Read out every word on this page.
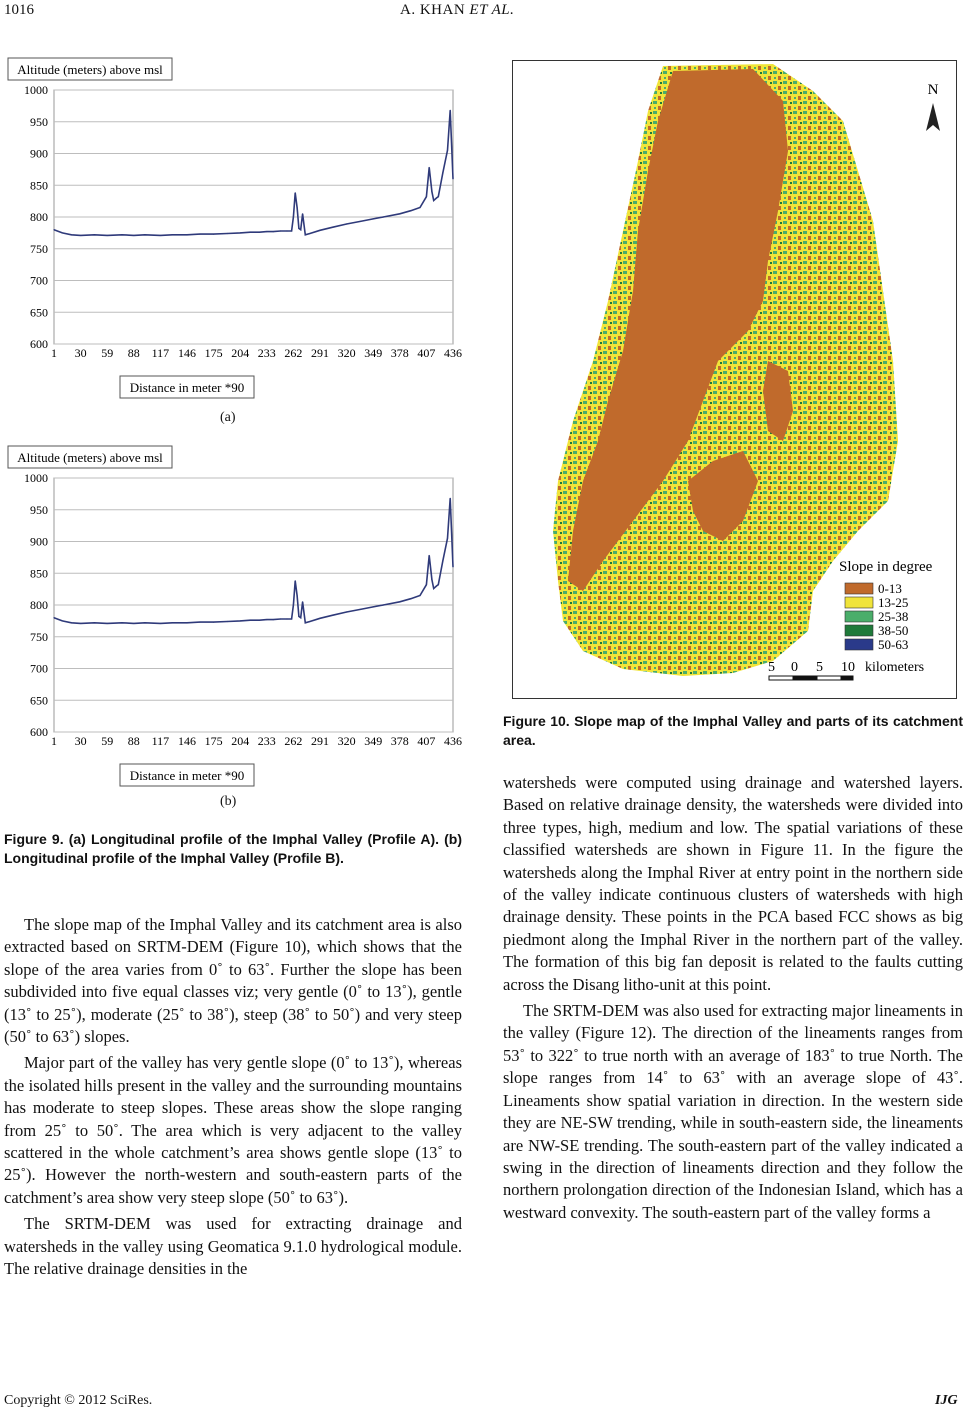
1016	A. KHAN ET AL.
1000
950
900
850
800
750
700
650
600
1 30 59 88 117 146 175 204 233 262 291 320 349 378 407 436
Altitude (meters) above msl
Distance in meter *90
(a)
1000
950
900
850
800
750
700
650
600
1 30 59 88 117 146 175 204 233 262 291 320 349 378 407 436
Altitude (meters) above msl
Distance in meter *90
(b)
Figure 9. (a) Longitudinal profile of the Imphal Valley (Profile A). (b) Longitudinal profile of the Imphal Valley (Profile B).

The slope map of the Imphal Valley and its catchment area is also extracted based on SRTM-DEM (Figure 10), which shows that the slope of the area varies from 0˚ to 63˚. Further the slope has been subdivided into five equal classes viz; very gentle (0˚ to 13˚), gentle (13˚ to 25˚), moderate (25˚ to 38˚), steep (38˚ to 50˚) and very steep (50˚ to 63˚) slopes.

Major part of the valley has very gentle slope (0˚ to 13˚), whereas the isolated hills present in the valley and the surrounding mountains has moderate to steep slopes. These areas show the slope ranging from 25˚ to 50˚. The area which is very adjacent to the valley scattered in the whole catchment’s area shows gentle slope (13˚ to 25˚). However the north-western and south-eastern parts of the catchment’s area show very steep slope (50˚ to 63˚).

The SRTM-DEM was used for extracting drainage and watersheds in the valley using Geomatica 9.1.0 hydrological module. The relative drainage densities in the

N
Slope in degree
0-13
13-25
25-38
38-50
50-63
5 0 5 10 kilometers
Figure 10. Slope map of the Imphal Valley and parts of its catchment area.

watersheds were computed using drainage and watershed layers. Based on relative drainage density, the watersheds were divided into three types, high, medium and low. The spatial variations of these classified watersheds are shown in Figure 11. In the figure the watersheds along the Imphal River at entry point in the northern side of the valley indicate continuous clusters of watersheds with high drainage density. These points in the PCA based FCC shows as big piedmont along the Imphal River in the northern part of the valley. The formation of this big fan deposit is related to the faults cutting across the Disang litho-unit at this point.

The SRTM-DEM was also used for extracting major lineaments in the valley (Figure 12). The direction of the lineaments ranges from 53˚ to 322˚ to true north with an average of 183˚ to true North. The slope ranges from 14˚ to 63˚ with an average slope of 43˚. Lineaments show spatial variation in direction. In the western side they are NE-SW trending, while in south-eastern side, the lineaments are NW-SE trending. The south-eastern part of the valley indicated a swing in the direction of lineaments direction and they follow the northern prolongation direction of the Indonesian Island, which has a westward convexity. The south-eastern part of the valley forms a

Copyright © 2012 SciRes.	IJG
